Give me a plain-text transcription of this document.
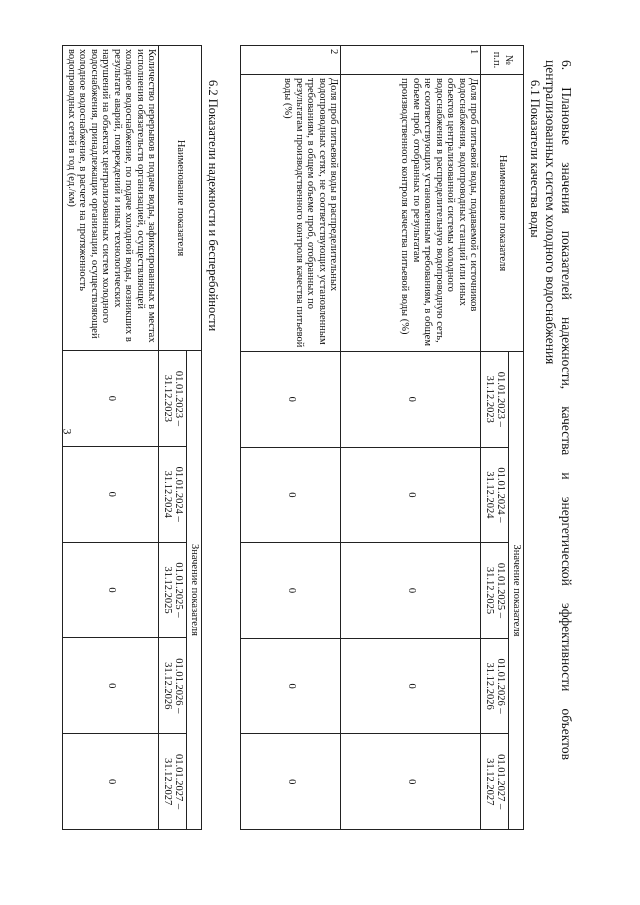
3	6. Плановые значения показателей надежности, качества и энергетической эффективности объектов
централизованных систем холодного водоснабжения
6.1 Показатели качества воды
№ п.п.	Наименование показателя	Значение показателя				
		01.01.2023 – 31.12.2023	01.01.2024 – 31.12.2024	01.01.2025 – 31.12.2025	01.01.2026 – 31.12.2026	01.01.2027 – 31.12.2027
1	Доля проб питьевой воды, подаваемой с источников водоснабжения, водопроводных станций или иных объектов централизованной системы холодного водоснабжения в распределительную водопроводную сеть, не соответствующих установленным требованиям, в общем объеме проб, отобранных по результатам производственного контроля качества питьевой воды (%)	0	0	0	0	0
2	Доля проб питьевой воды в распределительных водопроводных сетях, не соответствующих установленным требованиям, в общем объеме проб, отобранных по результатам производственного контроля качества питьевой воды (%)	0	0	0	0	0
6.2 Показатели надежности и бесперебойности
Наименование показателя	Значение показателя				
	01.01.2023 – 31.12.2023	01.01.2024 – 31.12.2024	01.01.2025 – 31.12.2025	01.01.2026 – 31.12.2026	01.01.2027 – 31.12.2027
Количество перерывов в подаче воды, зафиксированных в местах исполнения обязательств организацией, осуществляющей холодное водоснабжение, по подаче холодной воды, возникших в результате аварий, повреждений и иных технологических нарушений на объектах централизованных систем холодного водоснабжения, принадлежащих организации, осуществляющей холодное водоснабжение, в расчете на протяженность водопроводных сетей в год (ед./км)	0	0	0	0	0
